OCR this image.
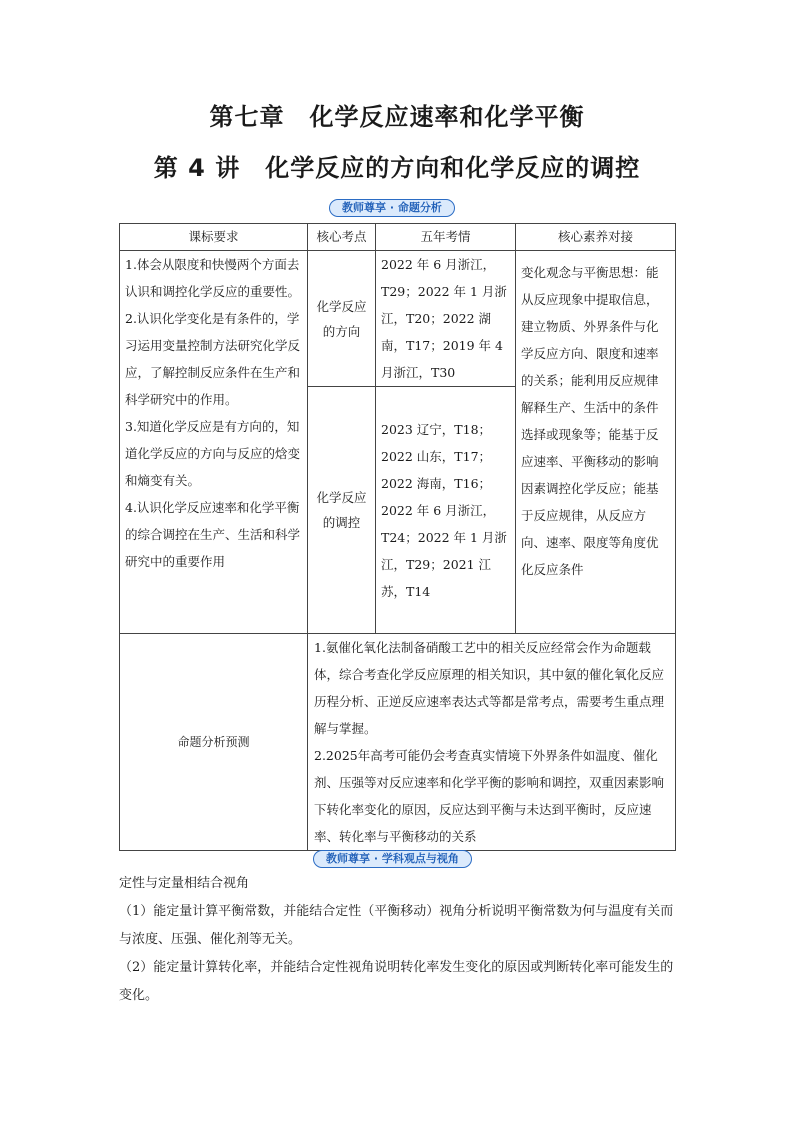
第七章　化学反应速率和化学平衡
第 4 讲　化学反应的方向和化学反应的调控
教师尊享 · 命题分析
课标要求	核心考点	五年考情	核心素养对接

1.体会从限度和快慢两个方面去认识和调控化学反应的重要性。
2.认识化学变化是有条件的，学习运用变量控制方法研究化学反应，了解控制反应条件在生产和科学研究中的作用。
3.知道化学反应是有方向的，知道化学反应的方向与反应的焓变和熵变有关。
4.认识化学反应速率和化学平衡的综合调控在生产、生活和科学研究中的重要作用	化学反应
的方向	2022 年 6 月浙江，T29；2022 年 1 月浙江，T20；2022 湖南，T17；2019 年 4 月浙江，T30	变化观念与平衡思想：能从反应现象中提取信息，建立物质、外界条件与化学反应方向、限度和速率的关系；能利用反应规律解释生产、生活中的条件选择或现象等；能基于反应速率、平衡移动的影响因素调控化学反应；能基于反应规律，从反应方向、速率、限度等角度优化反应条件

	化学反应
的调控	2023 辽宁，T18；2022 山东，T17；2022 海南，T16；2022 年 6 月浙江，T24；2022 年 1 月浙江，T29；2021 江苏，T14	

命题分析预测	1.氨催化氧化法制备硝酸工艺中的相关反应经常会作为命题载体，综合考查化学反应原理的相关知识，其中氨的催化氧化反应历程分析、正逆反应速率表达式等都是常考点，需要考生重点理解与掌握。
2.2025年高考可能仍会考查真实情境下外界条件如温度、催化剂、压强等对反应速率和化学平衡的影响和调控，双重因素影响下转化率变化的原因，反应达到平衡与未达到平衡时，反应速率、转化率与平衡移动的关系		
教师尊享 · 学科观点与视角
定性与定量相结合视角
（1）能定量计算平衡常数，并能结合定性（平衡移动）视角分析说明平衡常数为何与温度有关而与浓度、压强、催化剂等无关。
（2）能定量计算转化率，并能结合定性视角说明转化率发生变化的原因或判断转化率可能发生的变化。
